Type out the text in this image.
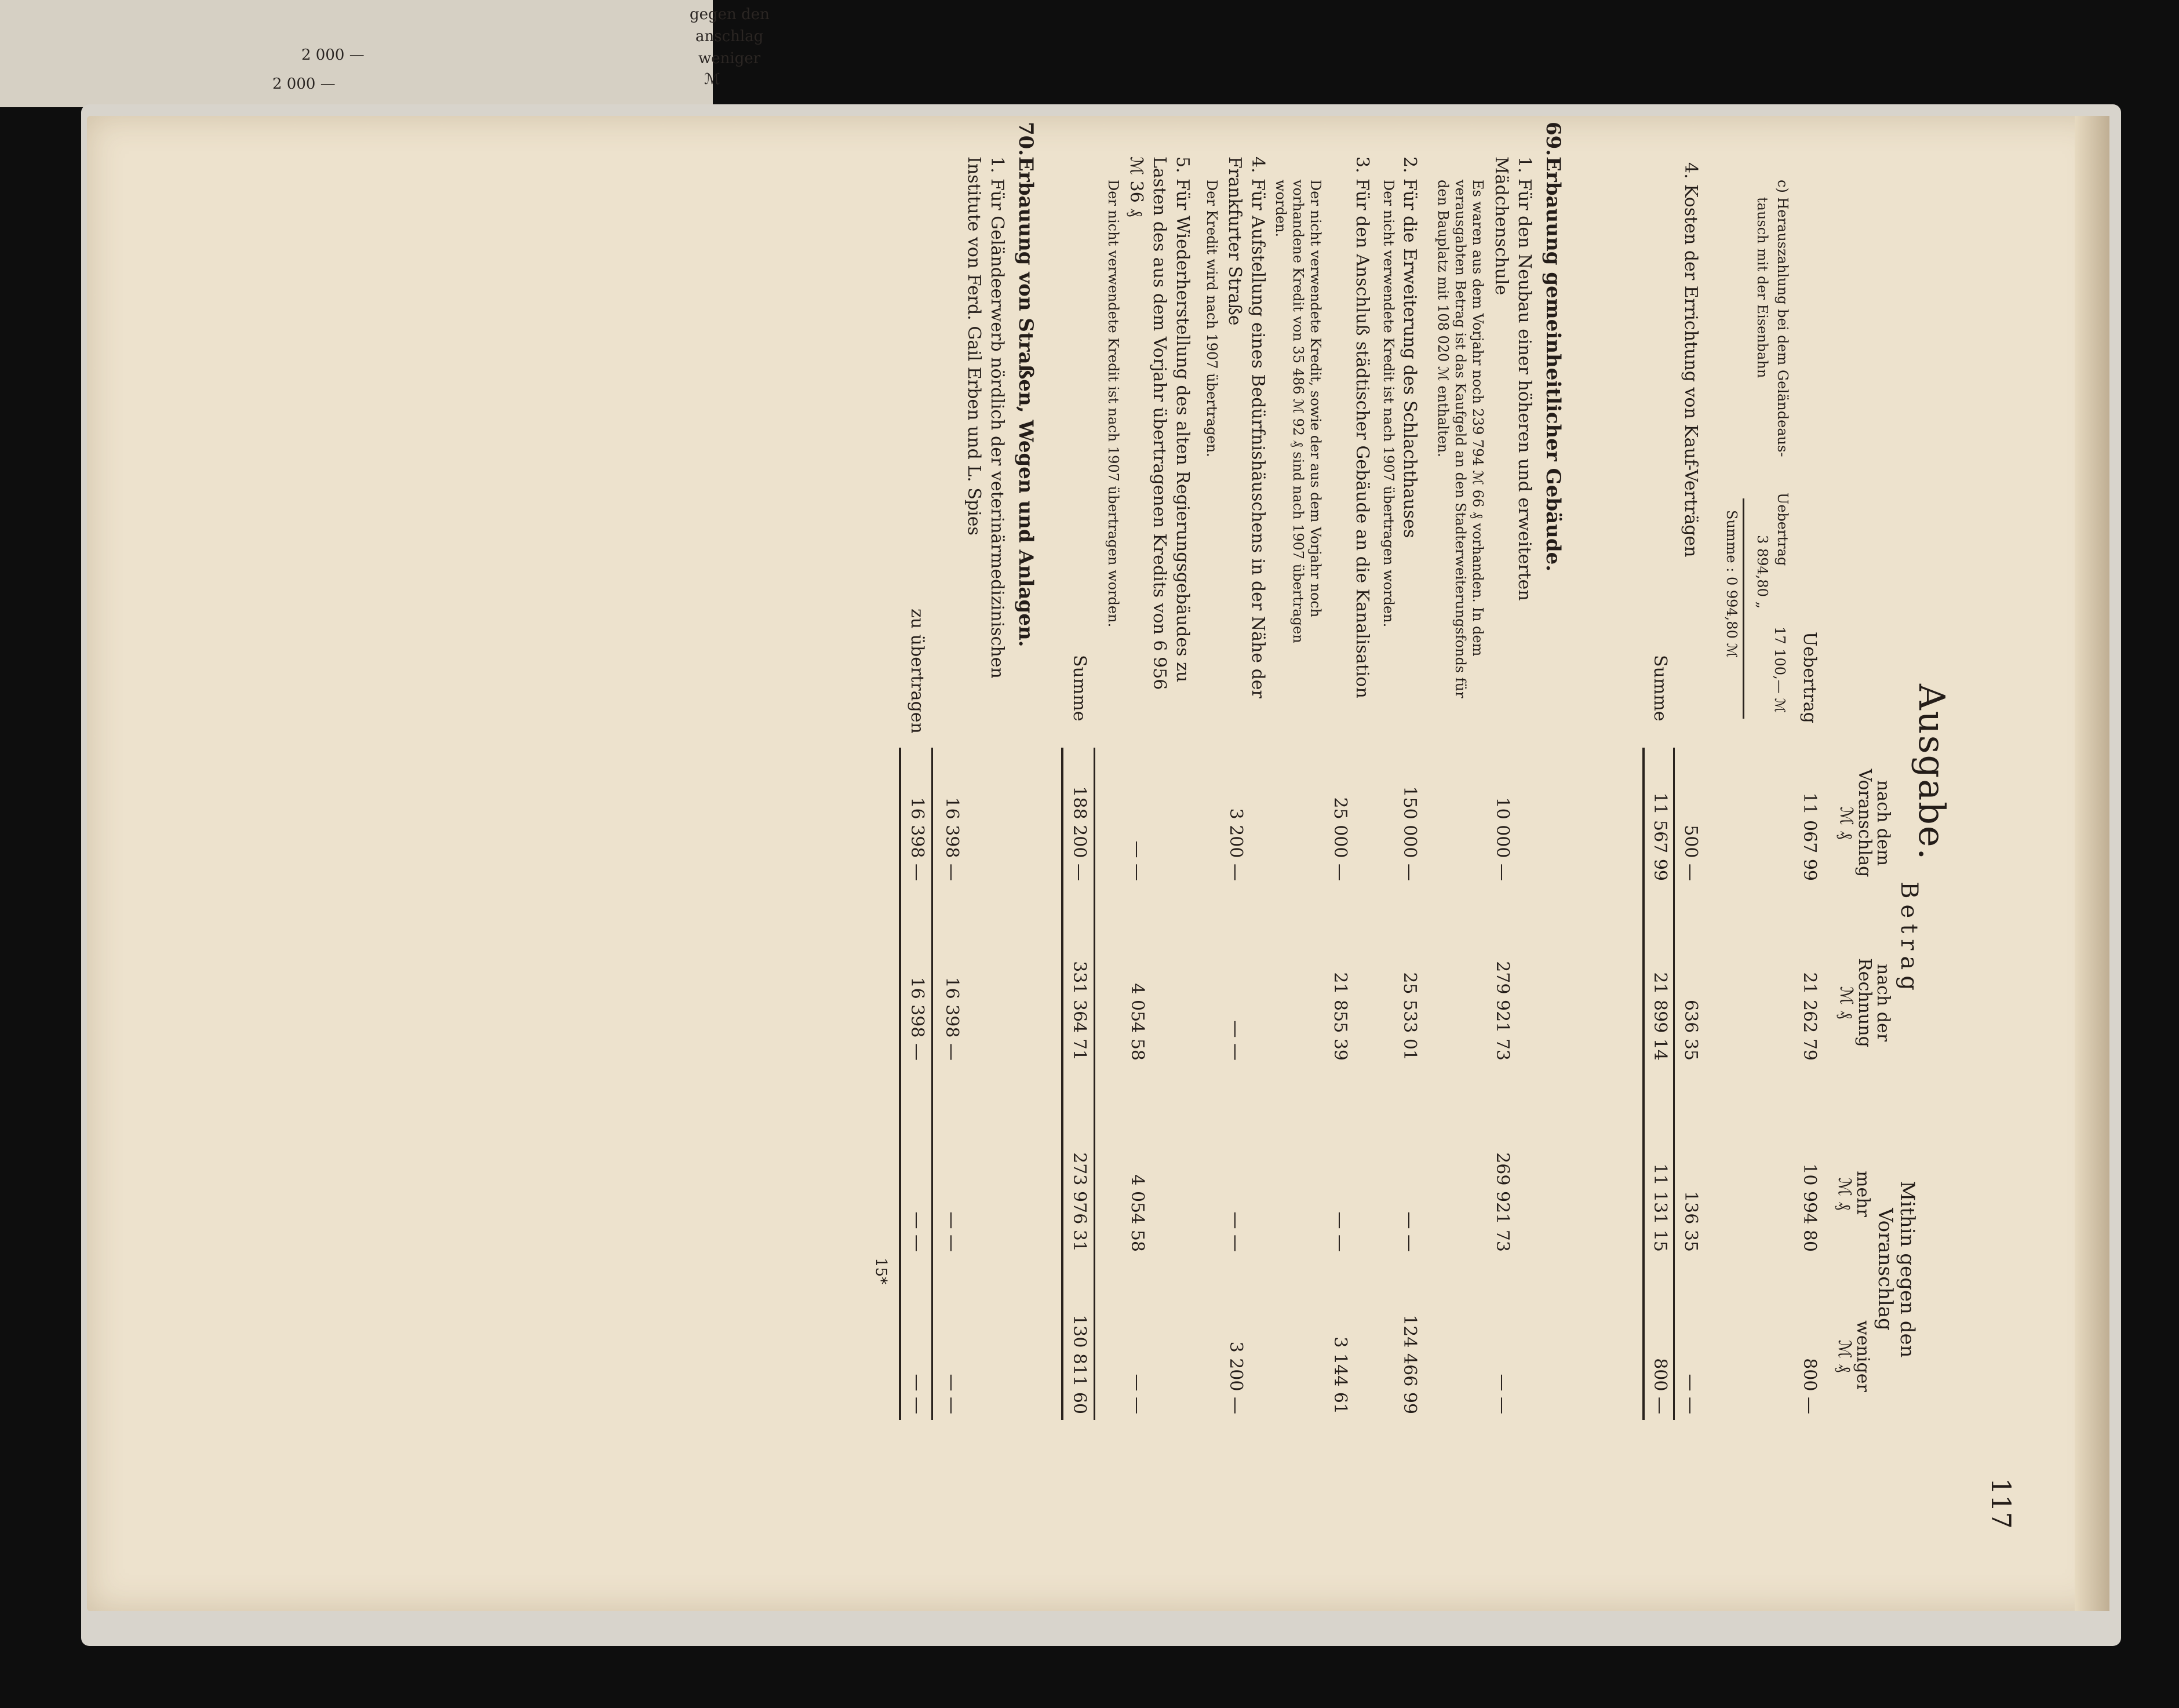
gegen den
anschlag
weniger
ℳ
2 000 —
2 000 —
117
Ausgabe.
Betrag
nach dem
Voranschlag
ℳ ₰
nach der
Rechnung
ℳ ₰
Mithin gegen den
Voranschlag
mehr
ℳ ₰
weniger
ℳ ₰
Uebertrag
11 067 99
21 262 79
10 994 80
800 —
c) Herauszahlung bei dem Geländeaus-
tausch mit der Eisenbahn
3 894,80 „
Uebertrag
17 100,— ℳ
Summe : 0 994,80 ℳ
4. Kosten der Errichtung von Kauf-Verträgen
500 —
636 35
136 35
— —
Summe
11 567 99
21 899 14
11 131 15
800 —
69.
Erbauung gemeinheitlicher Gebäude.
1. Für den Neubau einer höheren und erweiterten Mädchenschule
10 000 —
279 921 73
269 921 73
— —
Es waren aus dem Vorjahr noch 239 794 ℳ 66 ₰ vorhanden. In dem verausgabten Betrag ist das Kaufgeld an den Stadterweiterungsfonds für den Bauplatz mit 108 020 ℳ enthalten.
2. Für die Erweiterung des Schlachthauses
150 000 —
25 533 01
— —
124 466 99
Der nicht verwendete Kredit ist nach 1907 übertragen worden.
3. Für den Anschluß städtischer Gebäude an die Kanalisation
25 000 —
21 855 39
— —
3 144 61
Der nicht verwendete Kredit, sowie der aus dem Vorjahr noch vorhandene Kredit von 35 486 ℳ 92 ₰ sind nach 1907 übertragen worden.
4. Für Aufstellung eines Bedürfnishäuschens in der Nähe der Frankfurter Straße
3 200 —
— —
— —
3 200 —
Der Kredit wird nach 1907 übertragen.
5. Für Wiederherstellung des alten Regierungsgebäudes zu Lasten des aus dem Vorjahr übertragenen Kredits von 6 956 ℳ 36 ₰
— —
4 054 58
4 054 58
— —
Der nicht verwendete Kredit ist nach 1907 übertragen worden.
Summe
188 200 —
331 364 71
273 976 31
130 811 60
70.
Erbauung von Straßen, Wegen und Anlagen.
1. Für Geländeerwerb nördlich der veterinärmedizinischen Institute von Ferd. Gail Erben und L. Spies
16 398 —
16 398 —
— —
— —
zu übertragen
16 398 —
16 398 —
— —
— —
15*
